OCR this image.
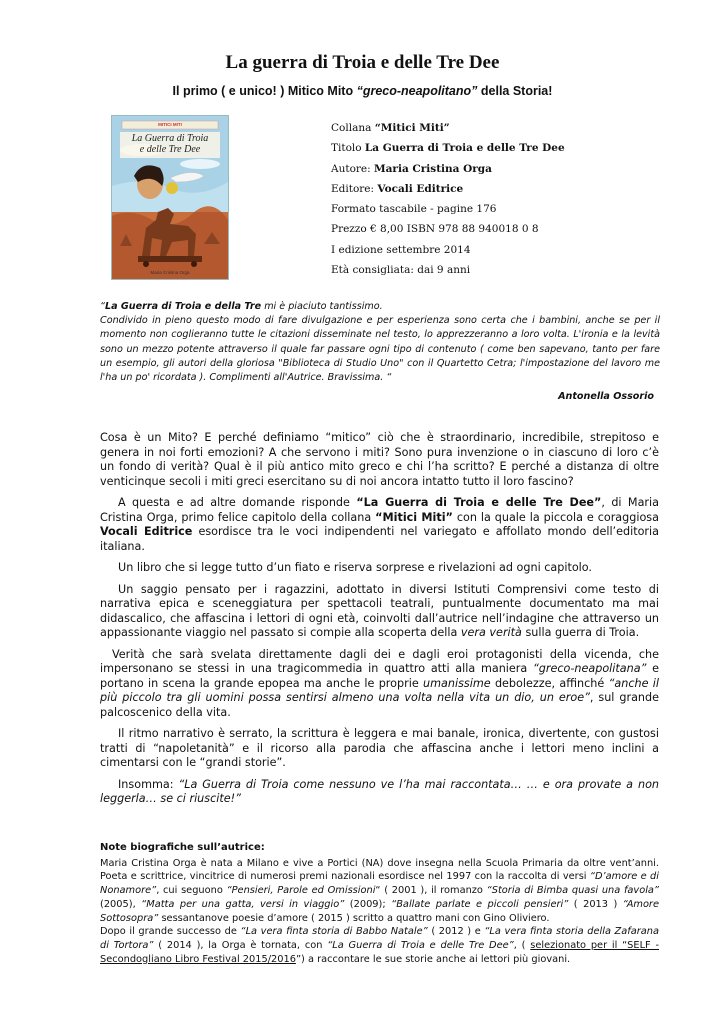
La guerra di Troia e delle Tre Dee
Il primo ( e unico! ) Mitico Mito “greco-neapolitano” della Storia!
MITICI MITI
La Guerra di Troia
e delle Tre Dee
Maria Cristina Orga
Collana “Mitici Miti”
Titolo La Guerra di Troia e delle Tre Dee
Autore: Maria Cristina Orga
Editore: Vocali Editrice
Formato tascabile - pagine 176
Prezzo € 8,00 ISBN 978 88 940018 0 8
I edizione settembre 2014
Età consigliata: dai 9 anni

“La Guerra di Troia e della Tre mi è piaciuto tantissimo.

Condivido in pieno questo modo di fare divulgazione e per esperienza sono certa che i bambini, anche se per il momento non coglieranno tutte le citazioni disseminate nel testo, lo apprezzeranno a loro volta. L'ironia e la levità sono un mezzo potente attraverso il quale far passare ogni tipo di contenuto ( come ben sapevano, tanto per fare un esempio, gli autori della gloriosa "Biblioteca di Studio Uno" con il Quartetto Cetra; l'impostazione del lavoro me l'ha un po' ricordata ). Complimenti all'Autrice. Bravissima. “

Antonella Ossorio

Cosa è un Mito? E perché definiamo “mitico” ciò che è straordinario, incredibile, strepitoso e genera in noi forti emozioni? A che servono i miti? Sono pura invenzione o in ciascuno di loro c’è un fondo di verità? Qual è il più antico mito greco e chi l’ha scritto? E perché a distanza di oltre venticinque secoli i miti greci esercitano su di noi ancora intatto tutto il loro fascino?

A questa e ad altre domande risponde “La Guerra di Troia e delle Tre Dee”, di Maria Cristina Orga, primo felice capitolo della collana “Mitici Miti” con la quale la piccola e coraggiosa Vocali Editrice esordisce tra le voci indipendenti nel variegato e affollato mondo dell’editoria italiana.

Un libro che si legge tutto d’un fiato e riserva sorprese e rivelazioni ad ogni capitolo.

Un saggio pensato per i ragazzini, adottato in diversi Istituti Comprensivi come testo di narrativa epica e sceneggiatura per spettacoli teatrali, puntualmente documentato ma mai didascalico, che affascina i lettori di ogni età, coinvolti dall’autrice nell’indagine che attraverso un appassionante viaggio nel passato si compie alla scoperta della vera verità sulla guerra di Troia.

Verità che sarà svelata direttamente dagli dei e dagli eroi protagonisti della vicenda, che impersonano se stessi in una tragicommedia in quattro atti alla maniera “greco-neapolitana” e portano in scena la grande epopea ma anche le proprie umanissime debolezze, affinché “anche il più piccolo tra gli uomini possa sentirsi almeno una volta nella vita un dio, un eroe”, sul grande palcoscenico della vita.

Il ritmo narrativo è serrato, la scrittura è leggera e mai banale, ironica, divertente, con gustosi tratti di “napoletanità” e il ricorso alla parodia che affascina anche i lettori meno inclini a cimentarsi con le “grandi storie”.

Insomma: “La Guerra di Troia come nessuno ve l’ha mai raccontata… … e ora provate a non leggerla… se ci riuscite!”

Note biografiche sull’autrice:

Maria Cristina Orga è nata a Milano e vive a Portici (NA) dove insegna nella Scuola Primaria da oltre vent’anni. Poeta e scrittrice, vincitrice di numerosi premi nazionali esordisce nel 1997 con la raccolta di versi “D’amore e di Nonamore”, cui seguono “Pensieri, Parole ed Omissioni“ ( 2001 ), il romanzo “Storia di Bimba quasi una favola” (2005), “Matta per una gatta, versi in viaggio” (2009); “Ballate parlate e piccoli pensieri” ( 2013 ) “Amore Sottosopra” sessantanove poesie d’amore ( 2015 ) scritto a quattro mani con Gino Oliviero.

Dopo il grande successo de “La vera finta storia di Babbo Natale” ( 2012 ) e “La vera finta storia della Zafarana di Tortora” ( 2014 ), la Orga è tornata, con “La Guerra di Troia e delle Tre Dee”, ( selezionato per il “SELF - Secondogliano Libro Festival 2015/2016”) a raccontare le sue storie anche ai lettori più giovani.
